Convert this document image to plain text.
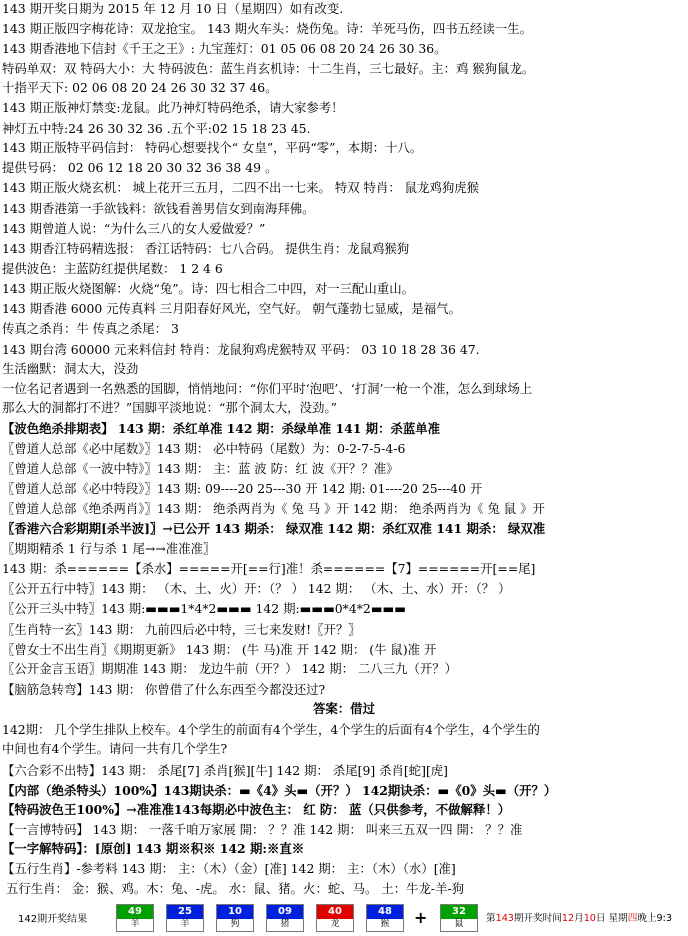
143 期开奖日期为 2015 年 12 月 10 日（星期四）如有改变.
143 期正版四字梅花诗：双龙抢宝。 143 期火车头：烧伤兔。诗：羊死马伤，四书五经读一生。
143 期香港地下信封《千王之王》: 九宝莲灯：01 05 06 08 20 24 26 30 36。
特码单双：双 特码大小：大 特码波色：蓝生肖玄机诗：十二生肖，三七最好。主：鸡 猴狗鼠龙。
十指平天下: 02 06 08 20 24 26 30 32 37 46。
143 期正版神灯禁变:龙鼠。此乃神灯特码绝杀，请大家参考！
神灯五中特:24 26 30 32 36 .五个平:02 15 18 23 45.
143 期正版特平码信封： 特码心想要找个“ 女皇”，平码“零”，本期：十八。
提供号码： 02 06 12 18 20 30 32 36 38 49 。
143 期正版火烧玄机： 城上花开三五月，二四不出一七来。 特双 特肖： 鼠龙鸡狗虎猴
143 期香港第一手欲钱料：欲钱看善男信女到南海拜佛。
143 期曾道人说：“为什么三八的女人爱做爱？”
143 期香江特码精选报： 香江话特码：七八合码。 提供生肖：龙鼠鸡猴狗
提供波色：主蓝防红提供尾数： 1 2 4 6
143 期正版火烧图解：火烧“兔”。诗：四七相合二中四，对一三配山重山。
143 期香港 6000 元传真料 三月阳春好风光，空气好。 朝气蓬勃七显威，是福气。
传真之杀肖：牛 传真之杀尾： 3
143 期台湾 60000 元来料信封 特肖：龙鼠狗鸡虎猴特双 平码： 03 10 18 28 36 47.
生活幽默：洞太大，没劲
一位名记者遇到一名熟悉的国脚，悄悄地问：“你们平时‘泡吧’、‘打洞’一枪一个准，怎么到球场上
那么大的洞都打不进？”国脚平淡地说：“那个洞太大，没劲。”
【波色绝杀排期表】 143 期：杀红单准 142 期：杀绿单准 141 期：杀蓝单准
〖曾道人总部《必中尾数》〗143 期： 必中特码（尾数）为：0-2-7-5-4-6
〖曾道人总部《一波中特》〗143 期： 主：蓝 波 防：红 波《开？？准》
〖曾道人总部《必中特段》〗143 期: 09----20 25---30 开 142 期: 01----20 25---40 开
〖曾道人总部《绝杀两肖》〗143 期： 绝杀两肖为《 兔 马 》开 142 期： 绝杀两肖为《 兔 鼠 》开
〖香港六合彩期期[杀半波]〗→已公开 143 期杀： 绿双准 142 期：杀红双准 141 期杀： 绿双准
〖期期精杀 1 行与杀 1 尾→→准准准〗
143 期：杀======【杀水】=====开[==行]准！杀======【7】======开[==尾]
〖公开五行中特〗143 期： （木、土、火）开：（？ ） 142 期： （木、土、水）开：（？ ）
〖公开三头中特〗143 期:▬▬▬1*4*2▬▬▬ 142 期:▬▬▬0*4*2▬▬▬
〖生肖特一玄〗143 期： 九前四后必中特，三七来发财!〖开？〗
〖曾女士不出生肖〗《期期更新》 143 期： (牛 马)准 开 142 期： (牛 鼠)准 开
〖公开金言玉语〗期期准 143 期： 龙边牛前（开？） 142 期： 二八三九（开？）
【脑筋急转弯】143 期： 你曾借了什么东西至今都没还过?
答案：借过
142期： 几个学生排队上校车。4个学生的前面有4个学生，4个学生的后面有4个学生，4个学生的
中间也有4个学生。请问一共有几个学生?
【六合彩不出特】143 期： 杀尾[7] 杀肖[猴][牛] 142 期： 杀尾[9] 杀肖[蛇][虎]
【内部（绝杀特头）100%】143期诀杀：▬《4》头▬（开？） 142期诀杀：▬《0》头▬（开？）
【特码波色王100%】→准准准143每期必中波色主： 红 防： 蓝（只供参考，不做解释！）
【一言博特码】 143 期： 一落千咱万家展 開： ？？准 142 期： 叫来三五双一四 開： ？？准
【一字解特码】：[原创] 143 期※积※ 142 期:※直※
【五行生肖】-参考料 143 期： 主：（木）（金）[准] 142 期： 主：（木）（水）[准]
五行生肖： 金：猴、鸡。木：兔、-虎。 水：鼠、猪。火：蛇、马。 土：牛龙-羊-狗
142期开奖结果
49
羊
25
羊
10
狗
09
猪
40
龙
48
猴	+	32
鼠	第143期开奖时间12月10日 星期四晚上9:3
